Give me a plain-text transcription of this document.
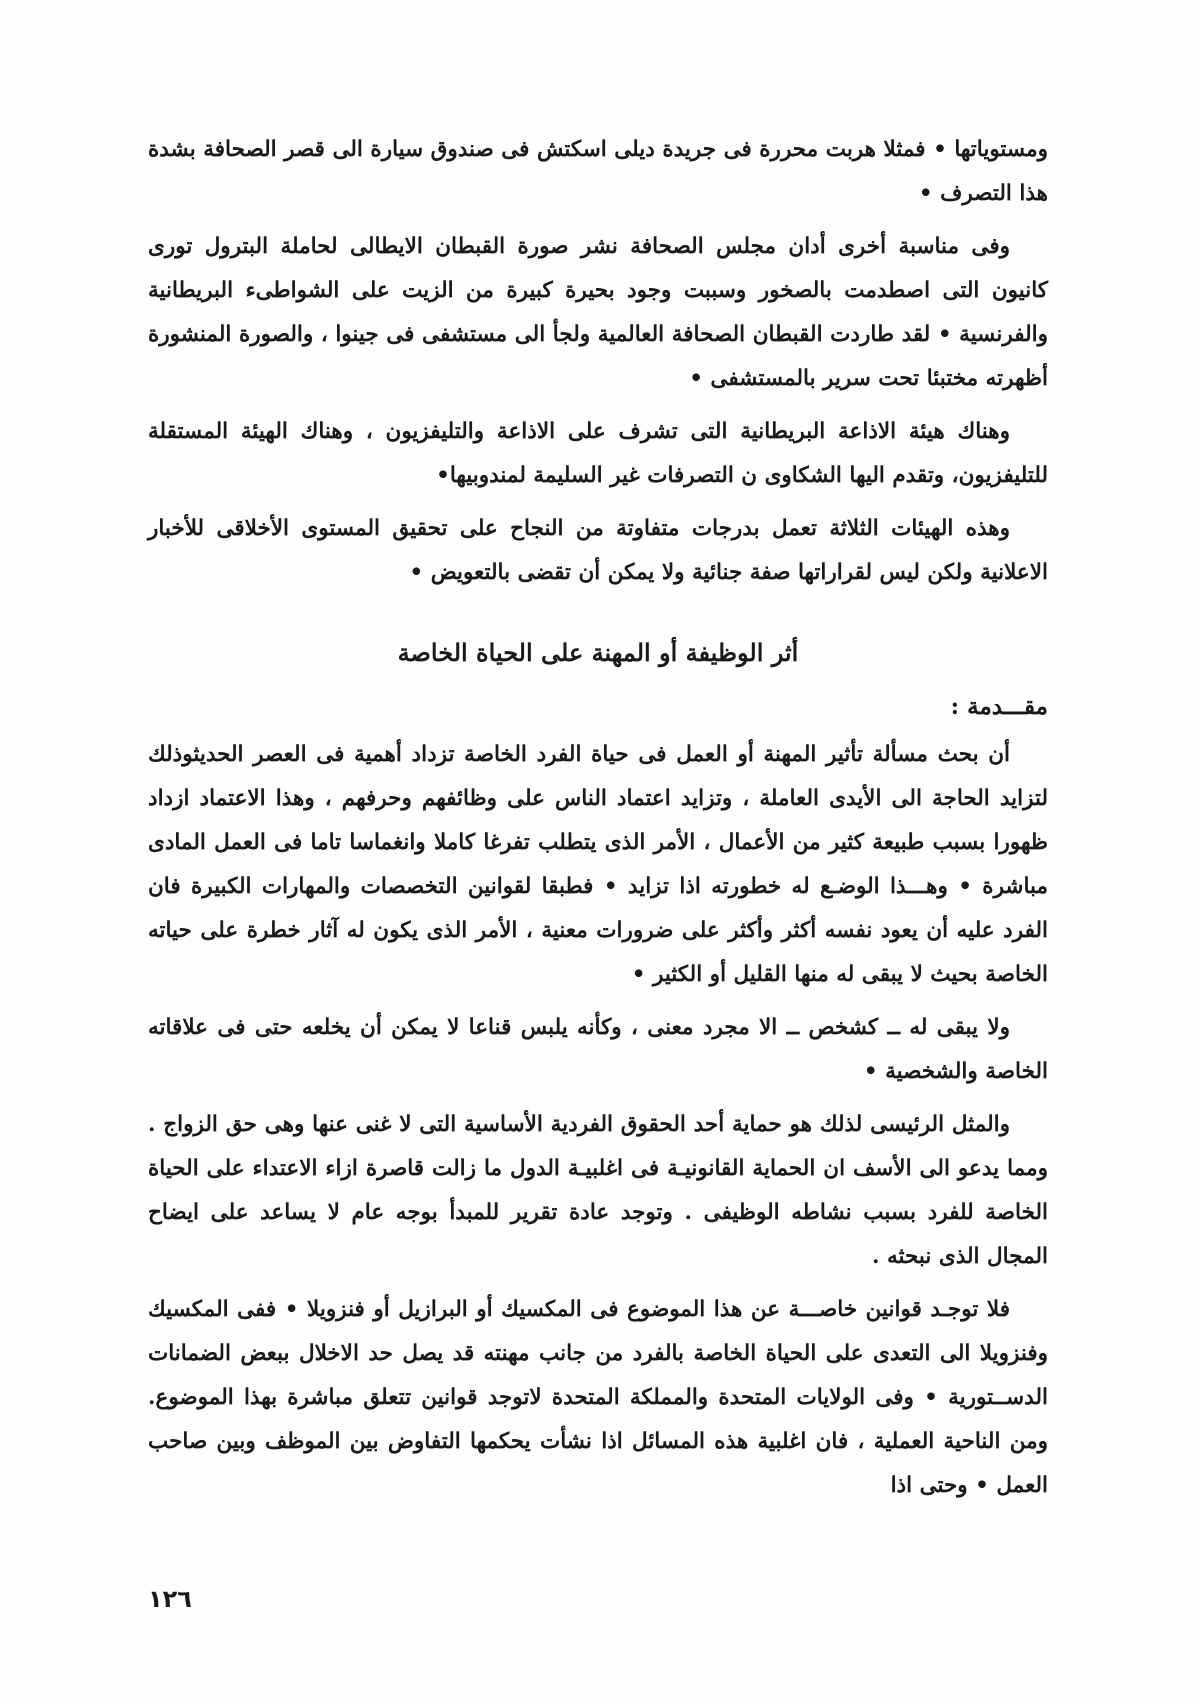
ومستوياتها • فمثلا هربت محررة فى جريدة ديلى اسكتش فى صندوق سيارة الى قصر الصحافة بشدة هذا التصرف •

وفى مناسبة أخرى أدان مجلس الصحافة نشر صورة القبطان الايطالى لحاملة البترول تورى كانيون التى اصطدمت بالصخور وسببت وجود بحيرة كبيرة من الزيت على الشواطىء البريطانية والفرنسية • لقد طاردت القبطان الصحافة العالمية ولجأ الى مستشفى فى جينوا ، والصورة المنشورة أظهرته مختبئا تحت سرير بالمستشفى •

وهناك هيئة الاذاعة البريطانية التى تشرف على الاذاعة والتليفزيون ، وهناك الهيئة المستقلة للتليفزيون، وتقدم اليها الشكاوى ن التصرفات غير السليمة لمندوبيها•

وهذه الهيئات الثلاثة تعمل بدرجات متفاوتة من النجاح على تحقيق المستوى الأخلاقى للأخبار الاعلانية ولكن ليس لقراراتها صفة جنائية ولا يمكن أن تقضى بالتعويض •

أثر الوظيفة أو المهنة على الحياة الخاصة
مقـــدمة :

أن بحث مسألة تأثير المهنة أو العمل فى حياة الفرد الخاصة تزداد أهمية فى العصر الحديثوذلك لتزايد الحاجة الى الأيدى العاملة ، وتزايد اعتماد الناس على وظائفهم وحرفهم ، وهذا الاعتماد ازداد ظهورا بسبب طبيعة كثير من الأعمال ، الأمر الذى يتطلب تفرغا كاملا وانغماسا تاما فى العمل المادى مباشرة • وهـــذا الوضـع له خطورته اذا تزايد • فطبقا لقوانين التخصصات والمهارات الكبيرة فان الفرد عليه أن يعود نفسه أكثر وأكثر على ضرورات معنية ، الأمر الذى يكون له آثار خطرة على حياته الخاصة بحيث لا يبقى له منها القليل أو الكثير •

ولا يبقى له ــ كشخص ــ الا مجرد معنى ، وكأنه يلبس قناعا لا يمكن أن يخلعه حتى فى علاقاته الخاصة والشخصية •

والمثل الرئيسى لذلك هو حماية أحد الحقوق الفردية الأساسية التى لا غنى عنها وهى حق الزواج . ومما يدعو الى الأسف ان الحماية القانونيـة فى اغلبيـة الدول ما زالت قاصرة ازاء الاعتداء على الحياة الخاصة للفرد بسبب نشاطه الوظيفى . وتوجد عادة تقرير للمبدأ بوجه عام لا يساعد على ايضاح المجال الذى نبحثه .

فلا توجـد قوانين خاصـــة عن هذا الموضوع فى المكسيك أو البرازيل أو فنزويلا • ففى المكسيك وفنزويلا الى التعدى على الحياة الخاصة بالفرد من جانب مهنته قد يصل حد الاخلال ببعض الضمانات الدســتورية • وفى الولايات المتحدة والمملكة المتحدة لاتوجد قوانين تتعلق مباشرة بهذا الموضوع. ومن الناحية العملية ، فان اغلبية هذه المسائل اذا نشأت يحكمها التفاوض بين الموظف وبين صاحب العمل • وحتى اذا

١٢٦
